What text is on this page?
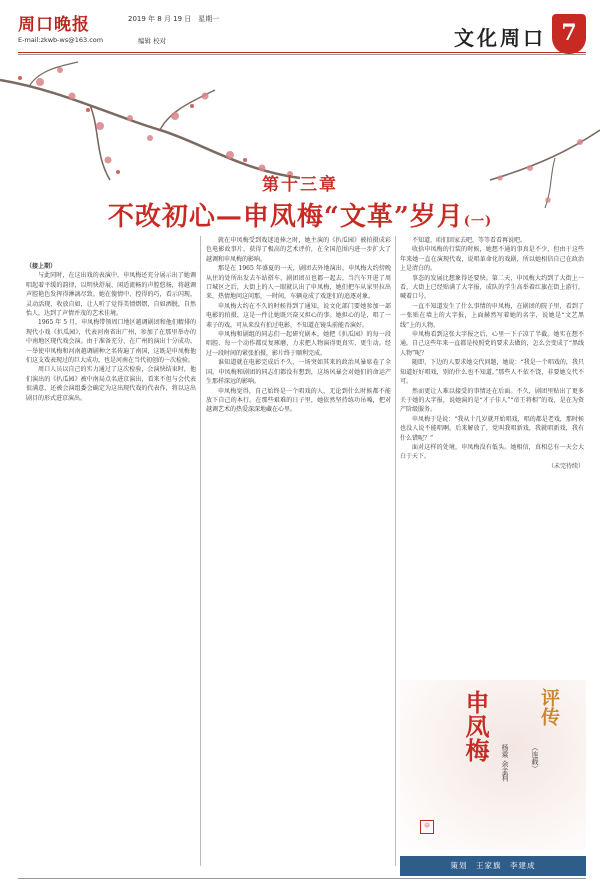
周口晚报	2019 年 8 月 19 日　星期一
E-mail:zkwb-ws@163.com	编辑 校对　	文化周口 7
第十三章
不改初心—申凤梅“文革”岁月(一)

（接上期）

与此同时，在这出戏的表演中，申凤梅还充分展示出了她调唱起着平缓的韵律，以明快舒展、闲适流畅的声腔悠扬，将越调声腔艳色发挥得淋漓尽致。她在傻情中，控得的巧，看示闪现，灵动活现，收放自如，让人听了觉得美情熠熠，自如洒脱，自然怡人，达到了声情并茂的艺术佳境。

1965 年 5 月，申凤梅带领周口地区越调剧团和他们精排的现代小戏《扒瓜园》，代表河南省出广州，参加了在那里举办的中南地区现代戏会演。由于准备充分，在广州的演出十分成功，一举使申凤梅和河南越调剧种之名传遍了南国，这既是申凤梅他们这支戏表现过的巨大成功，也是河南在当代初创的一次检验。

周口人员以自己的实力通过了这次检验，会演快结束时，他们演出的《扒瓜园》被中南局点名进京演出，看来不但与会代表很满意，还被会演组委会确定为这出现代戏的代表作，将以这出剧目的形式进京演出。

就在申凤梅受到戏迷追捧之时，她主演的《扒瓜园》被拍摄成彩色电影故事片，获得了极高的艺术评价，在全国范围内进一步扩大了越调和申凤梅的影响。

那是在 1965 年盛夏的一天，剧团去外地演出，申凤梅大约傍晚从住的处所出发去车站搭车，剧团团员也都一起去。当汽车开进了周口城区之后，大街上的人一眼就认出了申凤梅，她们把车从家里拉出来，热情地问这问那，一时间，车辆竟成了戏迷们的追逐对象。

申凤梅大约在不久的时候得到了通知，说文化部门要她参加一部电影的拍摄，这是一件让她既兴奋又担心的事。她担心的是，唱了一辈子的戏，可从来没有拍过电影，不知道在镜头前能否演好。

申凤梅和剧组的同志们一起研究剧本，她把《扒瓜园》的每一段唱腔、每一个动作都反复琢磨，力求把人物演得更真实、更生动。经过一段时间的紧张拍摄，影片终于顺利完成。

谁知道就在电影完成后不久，一场突如其来的政治风暴席卷了全国。申凤梅和剧团的同志们都没有想到，这场风暴会对她们的命运产生那样深远的影响。

申凤梅觉得，自己始终是一个唱戏的人，无论到什么时候都不能放下自己的本行。在那些艰难的日子里，她依然坚持练功吊嗓，把对越调艺术的热爱深深地藏在心里。

不知道，咱们回家去吧，等等看看再说吧。

收拾申凤梅的行装的时候，她想不通的事真是不少，但由于这些年来她一直在演现代戏，说唱革命化的戏剧，所以她相信自己在政治上是清白的。

事态的发展比想象得还要快。第二天，申凤梅大约到了大街上一看，大街上已经贴满了大字报，成队的学生高举着红旗在街上游行，喊着口号。

一直不知道发生了什么事情的申凤梅，在剧团的院子里，看到了一张贴在墙上的大字报，上面赫然写着她的名字，说她是“文艺黑线”上的人物。

申凤梅看到这张大字报之后，心里一下子凉了半截。她实在想不通，自己这些年来一直都是按照党的要求去做的，怎么会变成了“黑线人物”呢？

随即，下边的人要求她交代问题，她说：“我是一个唱戏的，我只知道好好唱戏，别的什么也不知道。”那些人不依不饶，非要她交代不可。

然而更让人难以接受的事情还在后面。不久，剧团里贴出了更多关于她的大字报，说她演的是“才子佳人”“帝王将相”的戏，是在为资产阶级服务。

申凤梅于是说：“我从十几岁就开始唱戏，唱的都是老戏，那时候也没人说不能唱啊。后来解放了，党叫我唱新戏，我就唱新戏，我有什么错呢？”

面对这样的处境，申凤梅没有低头。她相信，真相总有一天会大白于天下。

（未完待续）

申凤梅	评传
杨乘 余孟利	（连载）
申
策划　王家旗　李建成
